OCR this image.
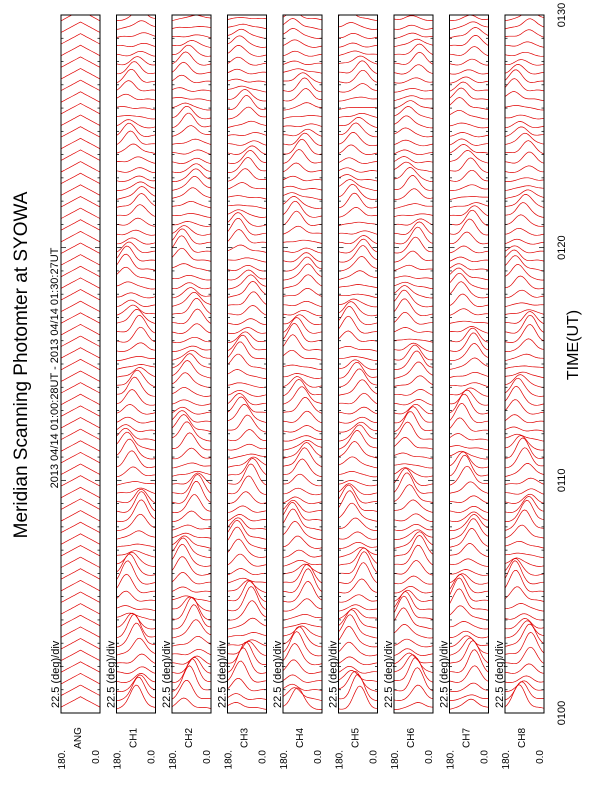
Meridian Scanning Photomter at SYOWA 2013 04/14 01:00:28UT - 2013 04/14 01:30:27UT	TIME(UT)
22.5 (deg)/div
ANG
180. 0.0
22.5 (deg)/div
CH1
180. 0.0
22.5 (deg)/div
CH2
180. 0.0
22.5 (deg)/div
CH3
180. 0.0
22.5 (deg)/div
CH4
180. 0.0
22.5 (deg)/div
CH5
180. 0.0
22.5 (deg)/div
CH6
180. 0.0
22.5 (deg)/div
CH7
180. 0.0
22.5 (deg)/div
CH8
180. 0.0
0100
0110
0120
0130
